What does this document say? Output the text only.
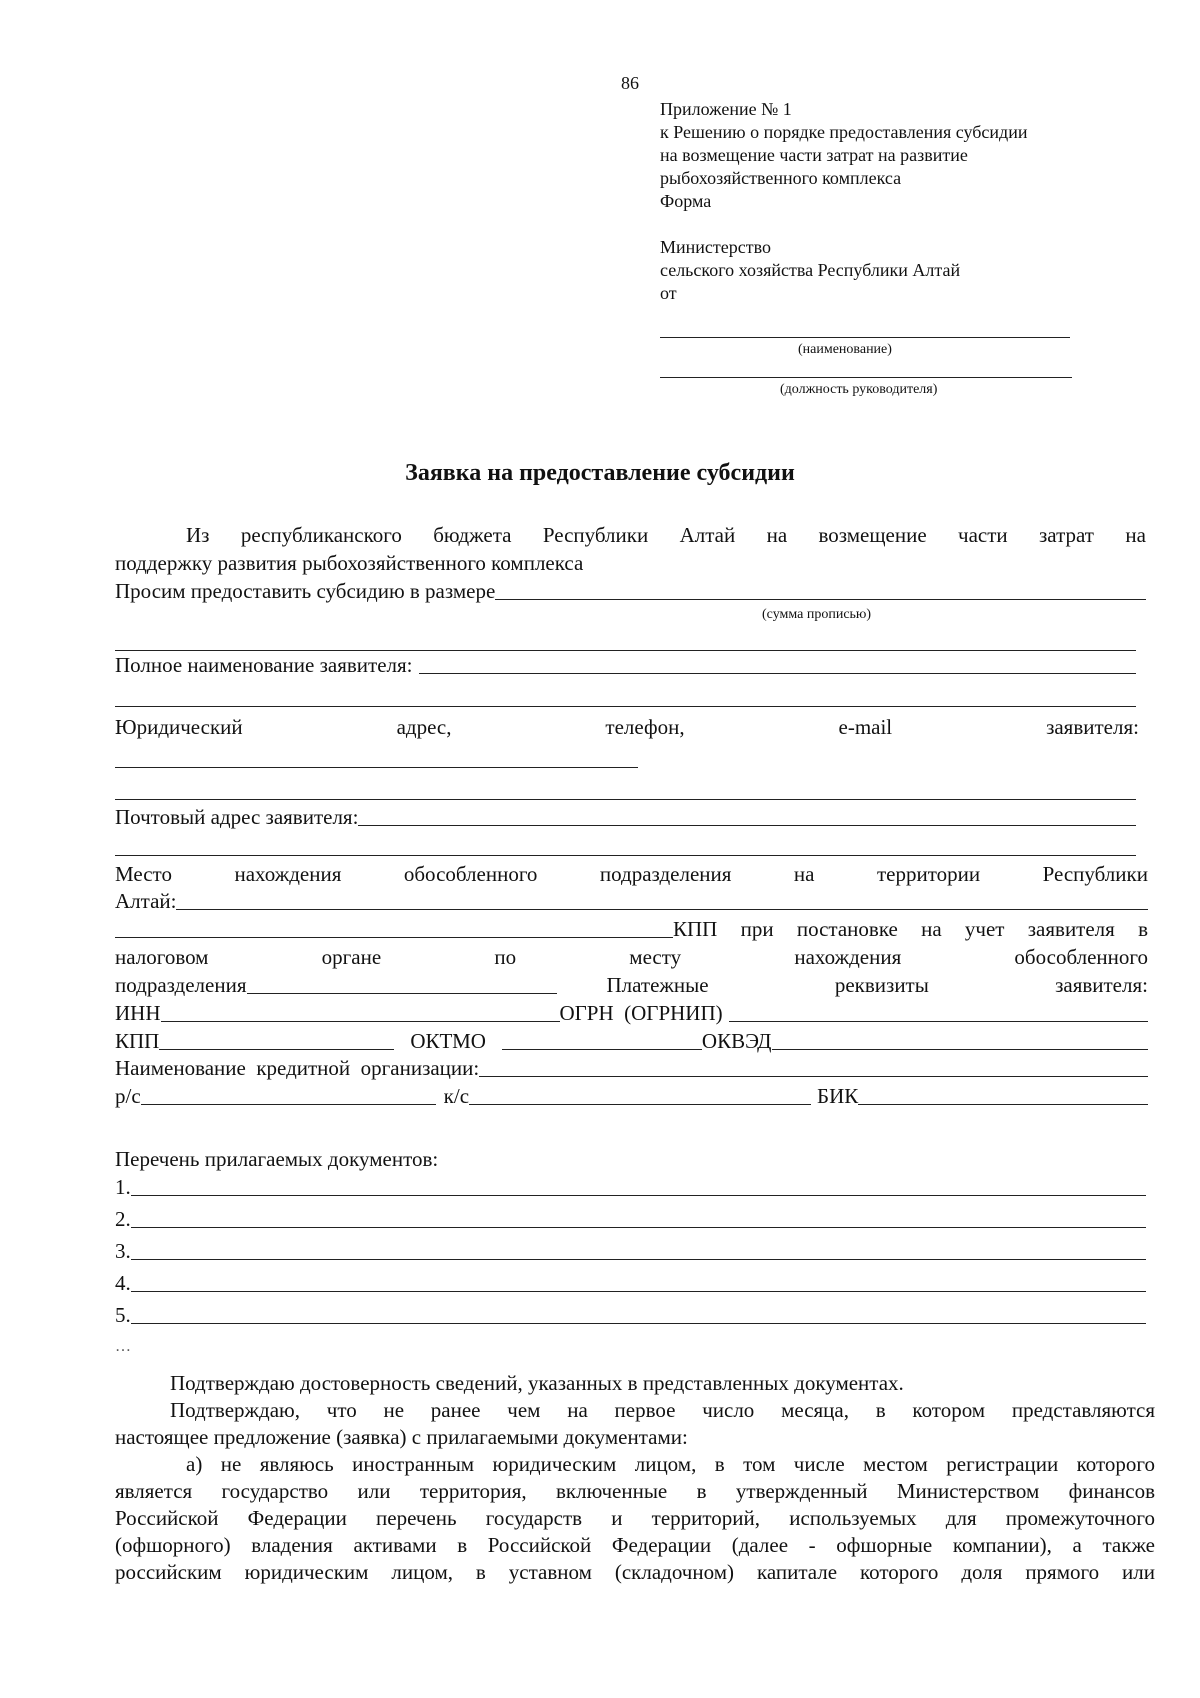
86
Приложение № 1
к Решению о порядке предоставления субсидии
на возмещение части затрат на развитие
рыбохозяйственного комплекса
Форма
Министерство
сельского хозяйства Республики Алтай
от
(наименование)
(должность руководителя)
Заявка на предоставление субсидии
Из республиканского бюджета Республики Алтай на возмещение части затрат на
поддержку развития рыбохозяйственного комплекса
Просим предоставить субсидию в размере
(сумма прописью)
Полное наименование заявителя:
Юридический	адрес,	телефон,	e-mail	заявителя:
Почтовый адрес заявителя:
Место	нахождения	обособленного	подразделения	на	территории	Республики
Алтай:
КПП при постановке на учет заявителя в
налоговом	органе	по	месту	нахождения	обособленного
подразделения	Платежные	реквизиты	заявителя:
ИНН	ОГРН  (ОГРНИП)
КПП	ОКТМО	ОКВЭД
Наименование  кредитной  организации:
р/с	к/с	БИК
Перечень прилагаемых документов:
1.
2.
3.
4.
5.
…
Подтверждаю достоверность сведений, указанных в представленных документах.
Подтверждаю, что не ранее чем на первое число месяца, в котором представляются
настоящее предложение (заявка) с прилагаемыми документами:
а) не являюсь иностранным юридическим лицом, в том числе местом регистрации которого
является государство или территория, включенные в утвержденный Министерством финансов
Российской Федерации перечень государств и территорий, используемых для промежуточного
(офшорного) владения активами в Российской Федерации (далее - офшорные компании), а также
российским юридическим лицом, в уставном (складочном) капитале которого доля прямого или
